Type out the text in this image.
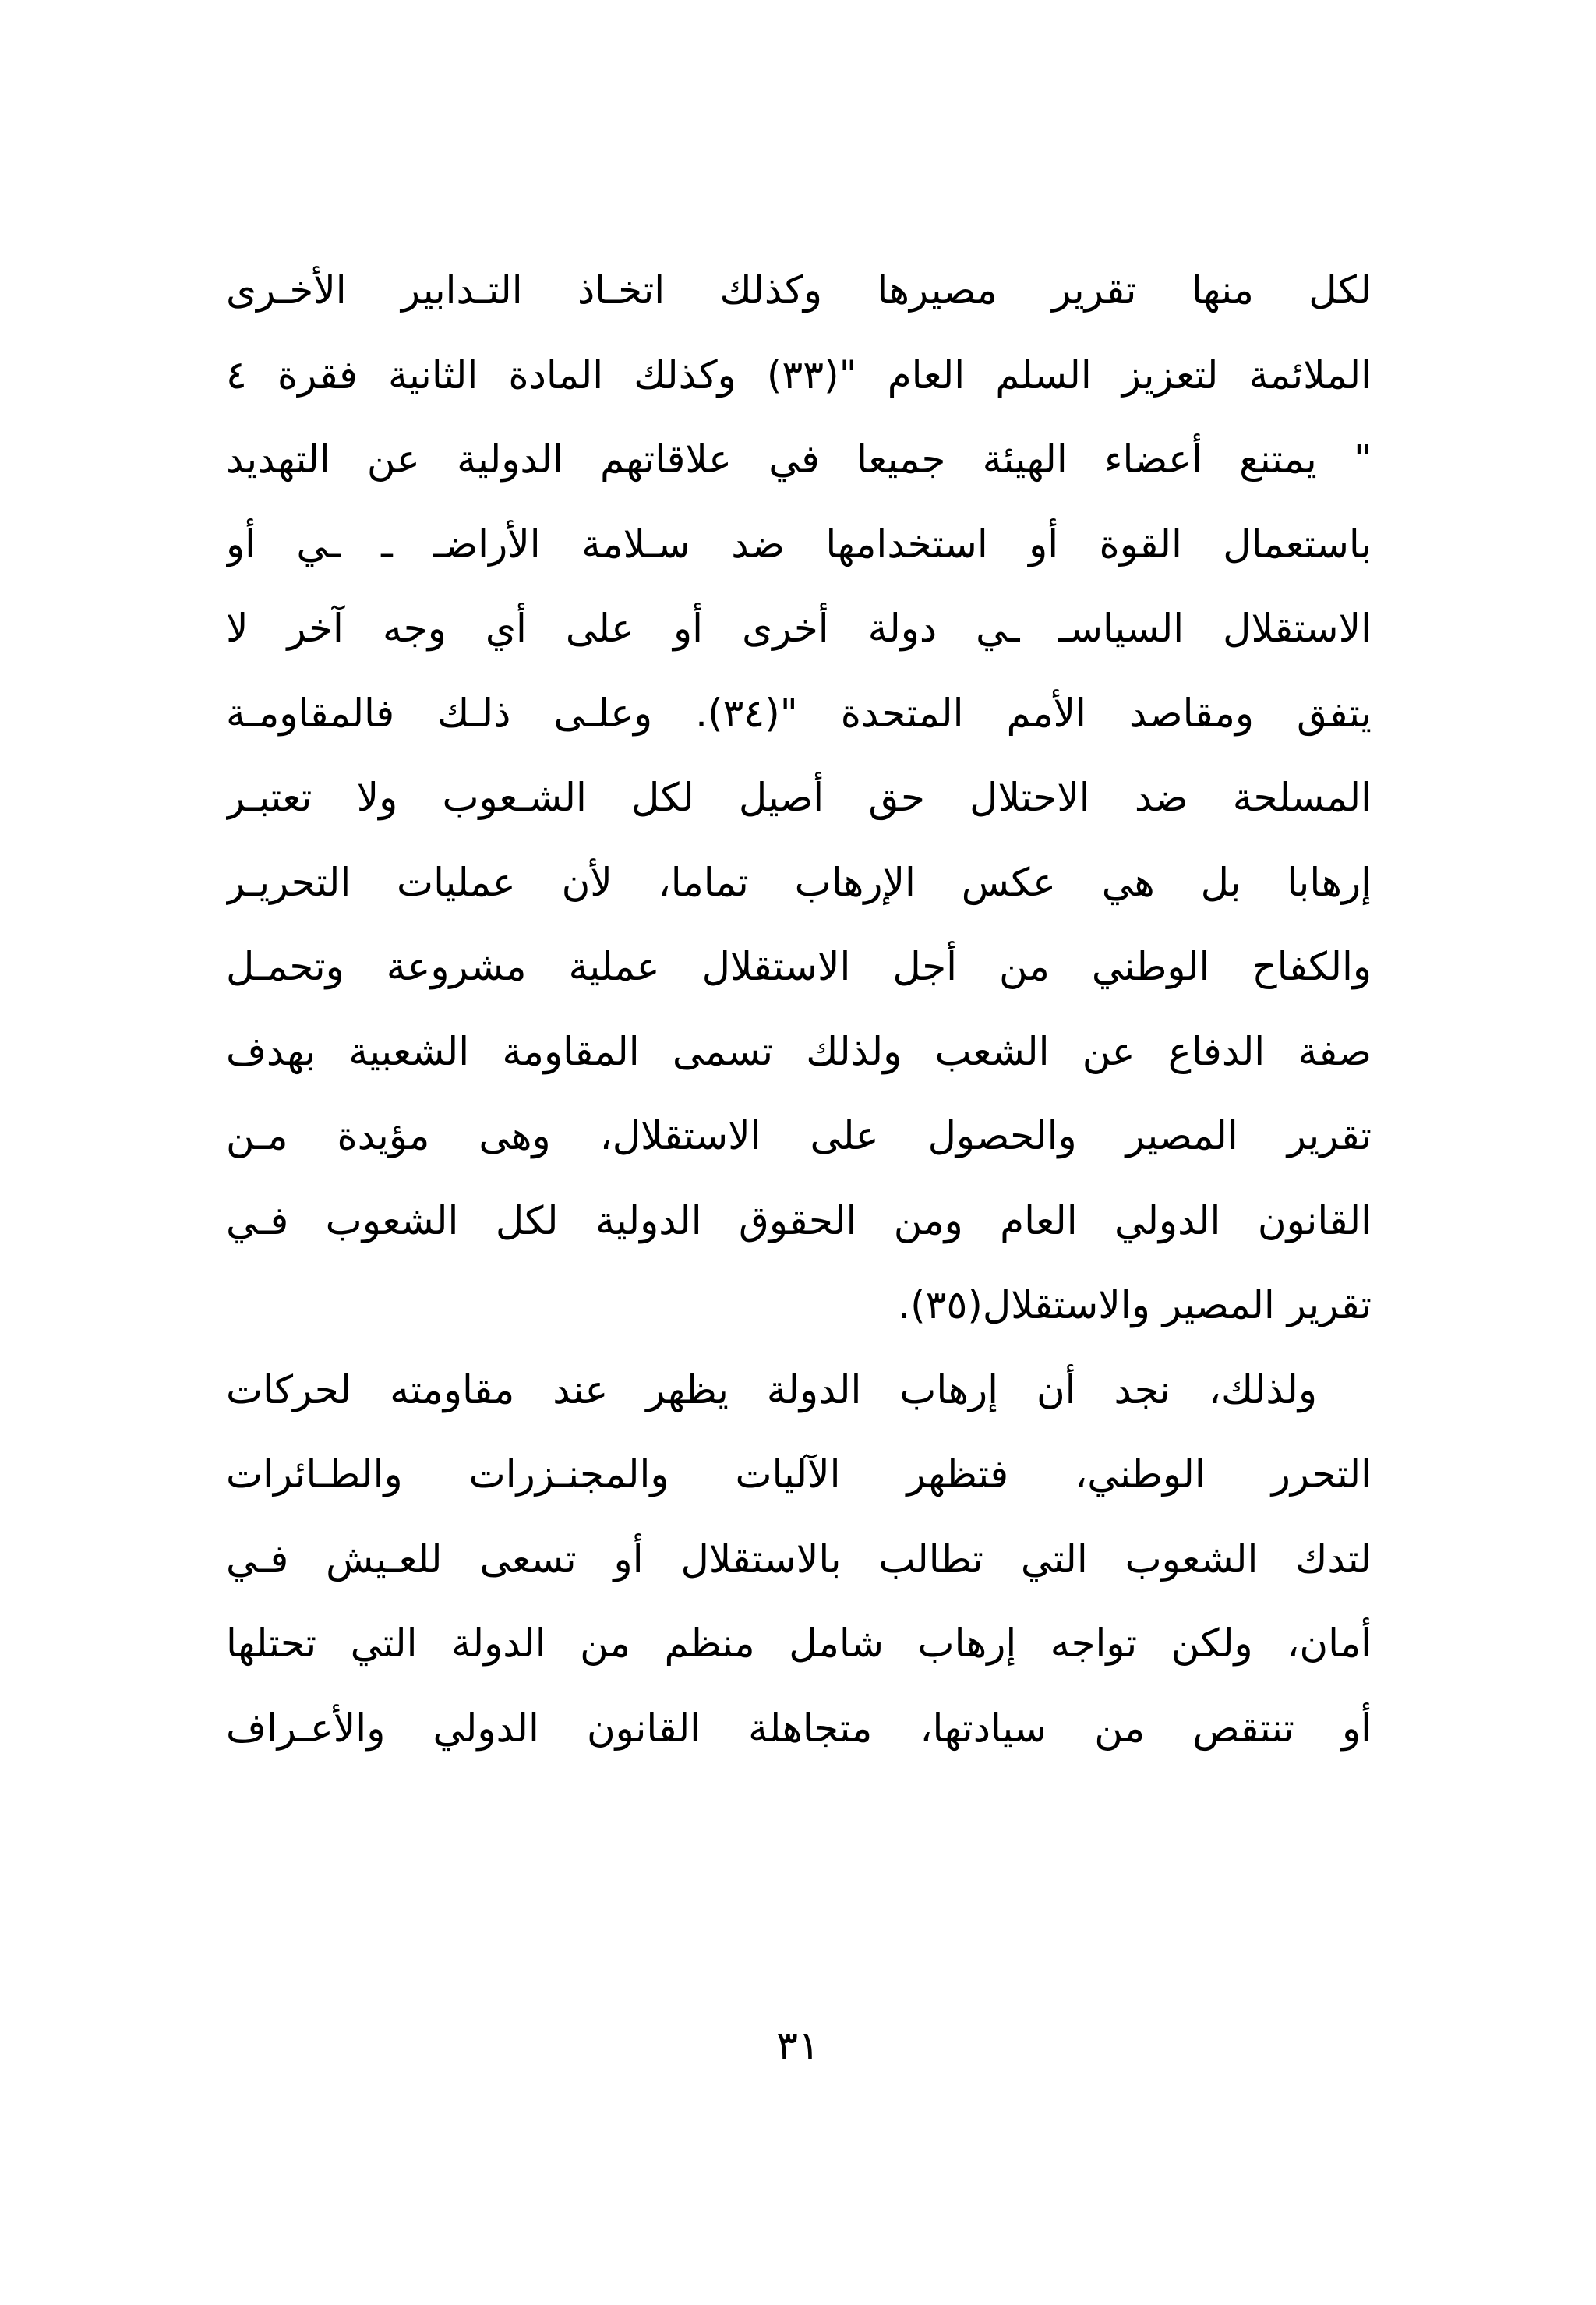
لكل منها تقرير مصيرها وكذلك اتخـاذ التـدابير الأخـرى
الملائمة لتعزيز السلم العام "(٣٣) وكذلك المادة الثانية فقرة ٤
" يمتنع أعضاء الهيئة جميعا في علاقاتهم الدولية عن التهديد
باستعمال القوة أو استخدامها ضد سـلامة الأراضـ ـ ـي أو
الاستقلال السياسـ ـي دولة أخرى أو على أي وجه آخر لا
يتفق ومقاصد الأمم المتحدة "(٣٤). وعلـى ذلـك فالمقاومـة
المسلحة ضد الاحتلال حق أصيل لكل الشـعوب ولا تعتبـر
إرهابا بل هي عكس الإرهاب تماما، لأن عمليات التحريـر
والكفاح الوطني من أجل الاستقلال عملية مشروعة وتحمـل
صفة الدفاع عن الشعب ولذلك تسمى المقاومة الشعبية بهدف
تقرير المصير والحصول على الاستقلال، وهى مؤيدة مـن
القانون الدولي العام ومن الحقوق الدولية لكل الشعوب فـي
تقرير المصير والاستقلال(٣٥).
ولذلك، نجد أن إرهاب الدولة يظهر عند مقاومته لحركات
التحرر الوطني، فتظهر الآليات والمجنـزرات والطـائرات
لتدك الشعوب التي تطالب بالاستقلال أو تسعى للعـيش فـي
أمان، ولكن تواجه إرهاب شامل منظم من الدولة التي تحتلها
أو تنتقص من سيادتها، متجاهلة القانون الدولي والأعـراف
٣١
